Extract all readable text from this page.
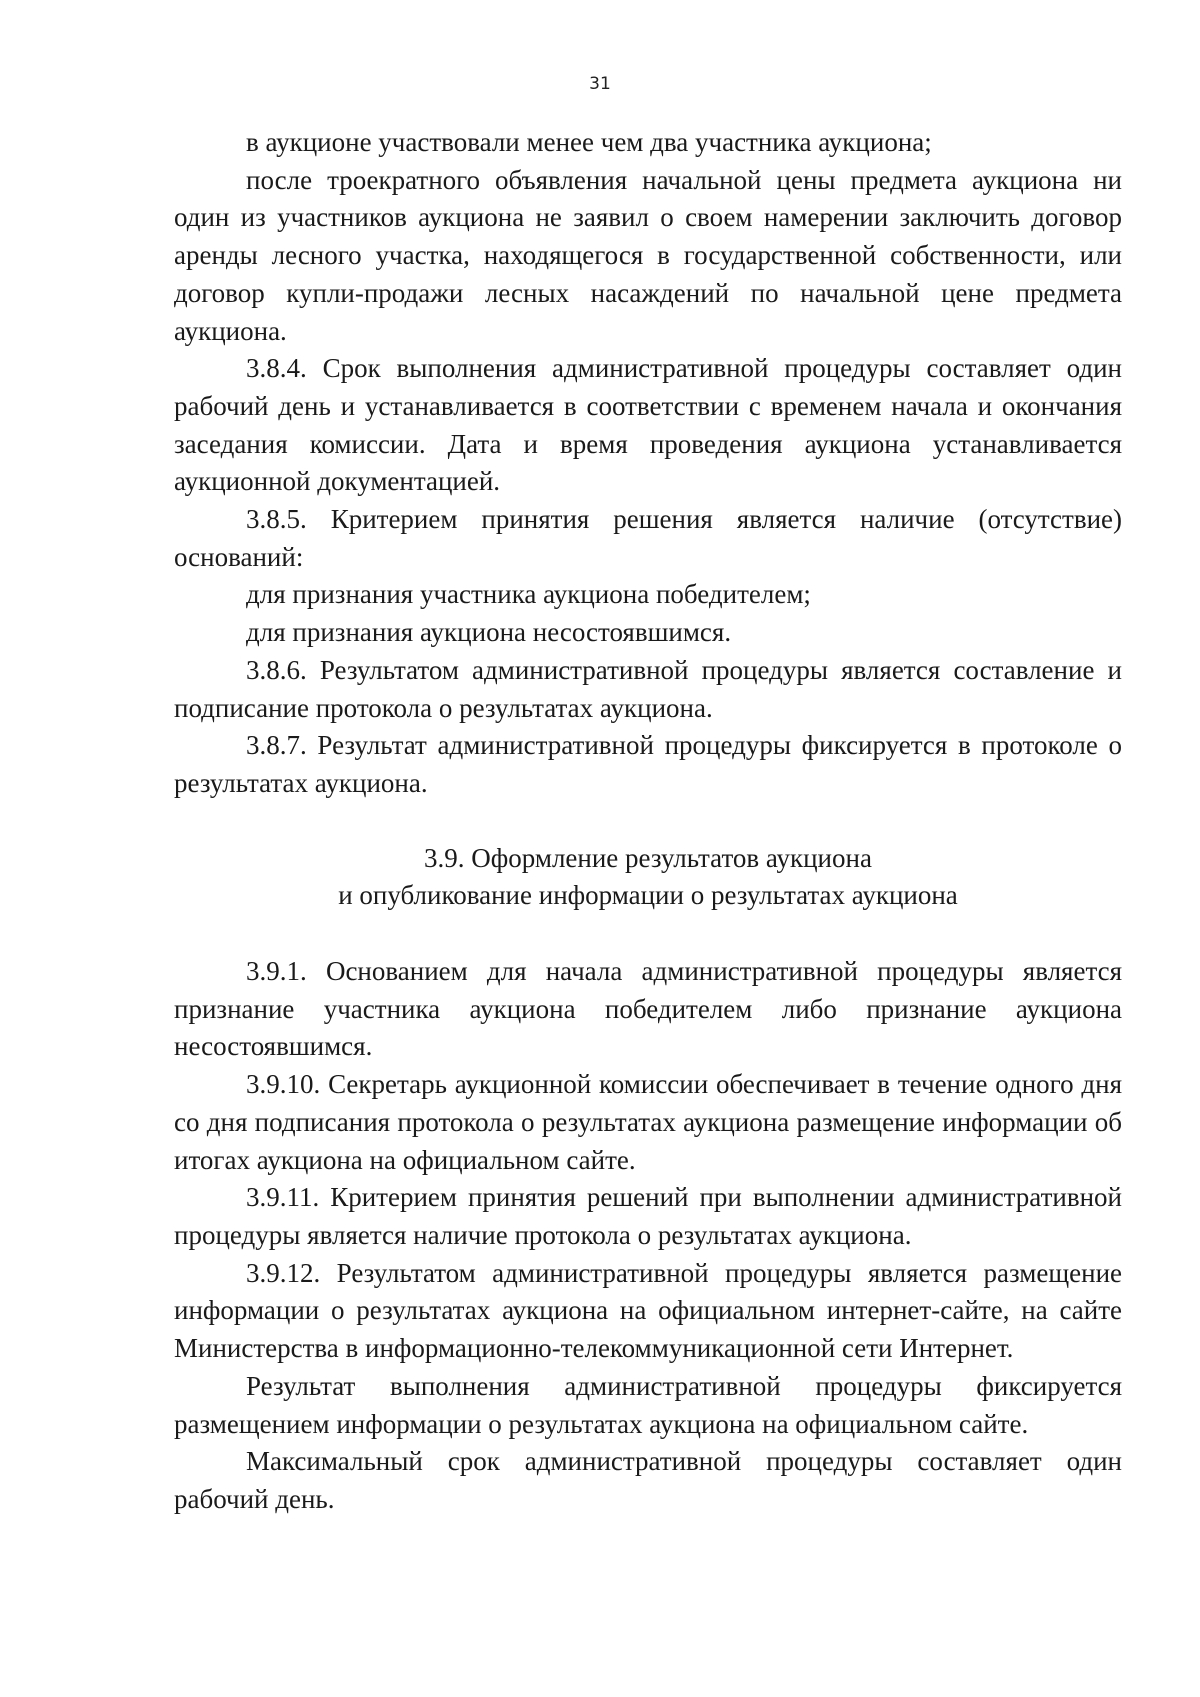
31

в аукционе участвовали менее чем два участника аукциона;

после троекратного объявления начальной цены предмета аукциона ни один из участников аукциона не заявил о своем намерении заключить договор аренды лесного участка, находящегося в государственной собственности, или договор купли-продажи лесных насаждений по начальной цене предмета аукциона.

3.8.4. Срок выполнения административной процедуры составляет один рабочий день и устанавливается в соответствии с временем начала и окончания заседания комиссии. Дата и время проведения аукциона устанавливается аукционной документацией.

3.8.5. Критерием принятия решения является наличие (отсутствие) оснований:

для признания участника аукциона победителем;

для признания аукциона несостоявшимся.

3.8.6. Результатом административной процедуры является составление и подписание протокола о результатах аукциона.

3.8.7. Результат административной процедуры фиксируется в протоколе о результатах аукциона.

3.9. Оформление результатов аукциона

и опубликование информации о результатах аукциона

3.9.1. Основанием для начала административной процедуры является признание участника аукциона победителем либо признание аукциона несостоявшимся.

3.9.10. Секретарь аукционной комиссии обеспечивает в течение одного дня со дня подписания протокола о результатах аукциона размещение информации об итогах аукциона на официальном сайте.

3.9.11. Критерием принятия решений при выполнении административной процедуры является наличие протокола о результатах аукциона.

3.9.12. Результатом административной процедуры является размещение информации о результатах аукциона на официальном интернет-сайте, на сайте Министерства в информационно-телекоммуникационной сети Интернет.

Результат выполнения административной процедуры фиксируется размещением информации о результатах аукциона на официальном сайте.

Максимальный срок административной процедуры составляет один рабочий день.
